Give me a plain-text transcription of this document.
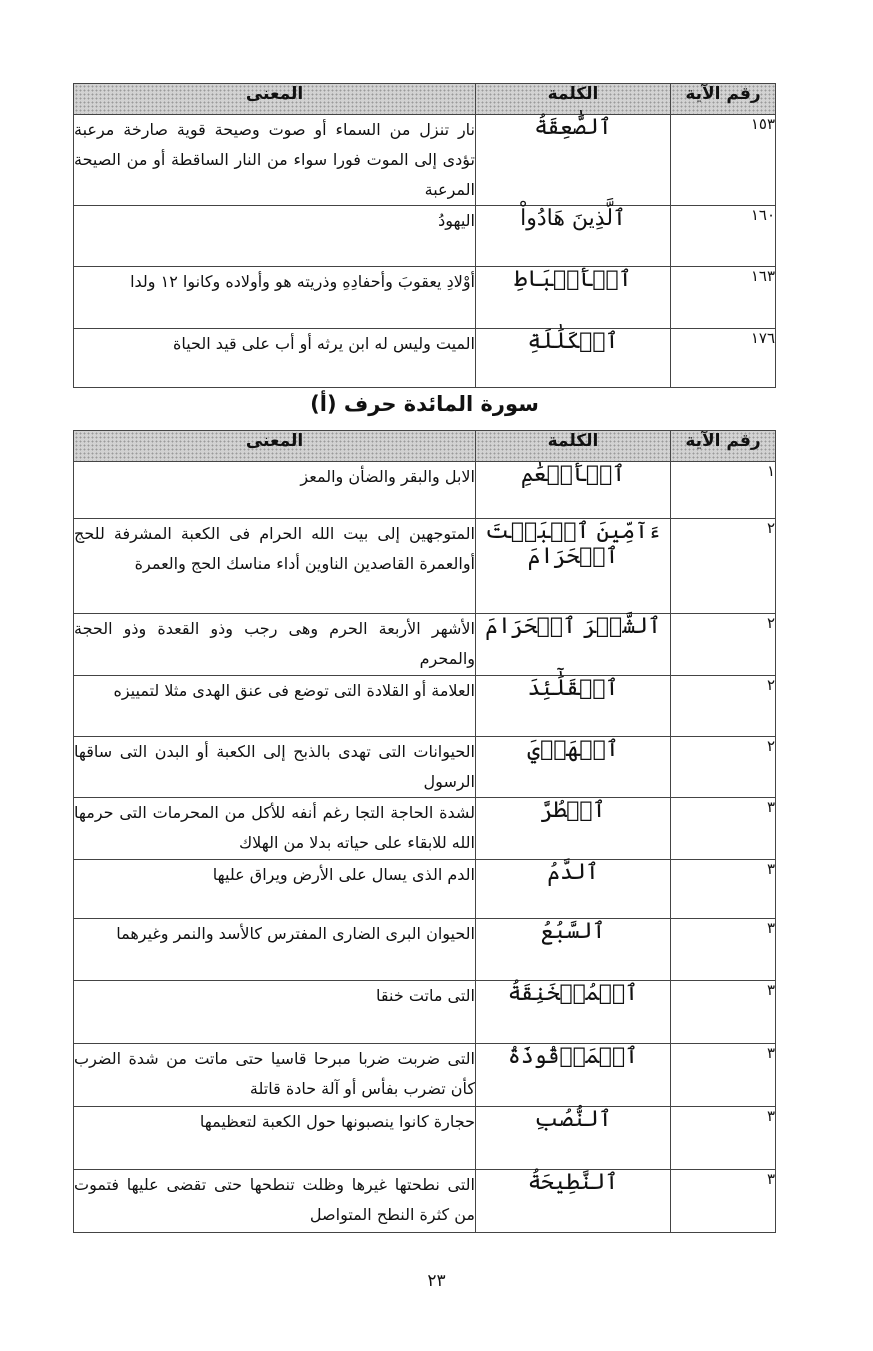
رقم الآية	الكلمة	المعنى
١٥٣	ٱلصَّٰعِقَةُ	نار تنزل من السماء أو صوت وصيحة قوية صارخة مرعبة تؤدى إلى الموت فورا سواء من النار الساقطة أو من الصيحة المرعبة
١٦٠	ٱلَّذِينَ هَادُواْ	اليهودُ
١٦٣	ٱلۡأَسۡبَاطِ	أوْلادِ يعقوبَ وأحفادِهِ وذريته هو وأولاده وكانوا ١٢ ولدا
١٧٦	ٱلۡكَلَٰلَةِ	الميت وليس له ابن يرثه أو أب على قيد الحياة
سورة المائدة حرف (أ)
رقم الآية	الكلمة	المعنى
١	ٱلۡأَنۡعَٰمِ	الابل والبقر والضأن والمعز
٢	ءَآمِّينَ ٱلۡبَيۡتَ ٱلۡحَرَامَ	المتوجهين إلى بيت الله الحرام فى الكعبة المشرفة للحج أوالعمرة القاصدين الناوين أداء مناسك الحج والعمرة
٢	ٱلشَّهۡرَ ٱلۡحَرَامَ	الأشهر الأربعة الحرم وهى رجب وذو القعدة وذو الحجة والمحرم
٢	ٱلۡقَلَٰٓئِدَ	العلامة أو القلادة التى توضع فى عنق الهدى مثلا لتمييزه
٢	ٱلۡهَدۡيَ	الحيوانات التى تهدى بالذبح إلى الكعبة أو البدن التى ساقها الرسول
٣	ٱضۡطُرَّ	لشدة الحاجة التجا رغم أنفه للأكل من المحرمات التى حرمها الله للابقاء على حياته بدلا من الهلاك
٣	ٱلدَّمُ	الدم الذى يسال على الأرض ويراق عليها
٣	ٱلسَّبُعُ	الحيوان البرى الضارى المفترس كالأسد والنمر وغيرهما
٣	ٱلۡمُنۡخَنِقَةُ	التى ماتت خنقا
٣	ٱلۡمَوۡقُوذَةُ	التى ضربت ضربا مبرحا قاسيا حتى ماتت من شدة الضرب كأن تضرب بفأس أو آلة حادة قاتلة
٣	ٱلنُّصُبِ	حجارة كانوا ينصبونها حول الكعبة لتعظيمها
٣	ٱلنَّطِيحَةُ	التى نطحتها غيرها وظلت تنطحها حتى تقضى عليها فتموت من كثرة النطح المتواصل
٢٣
